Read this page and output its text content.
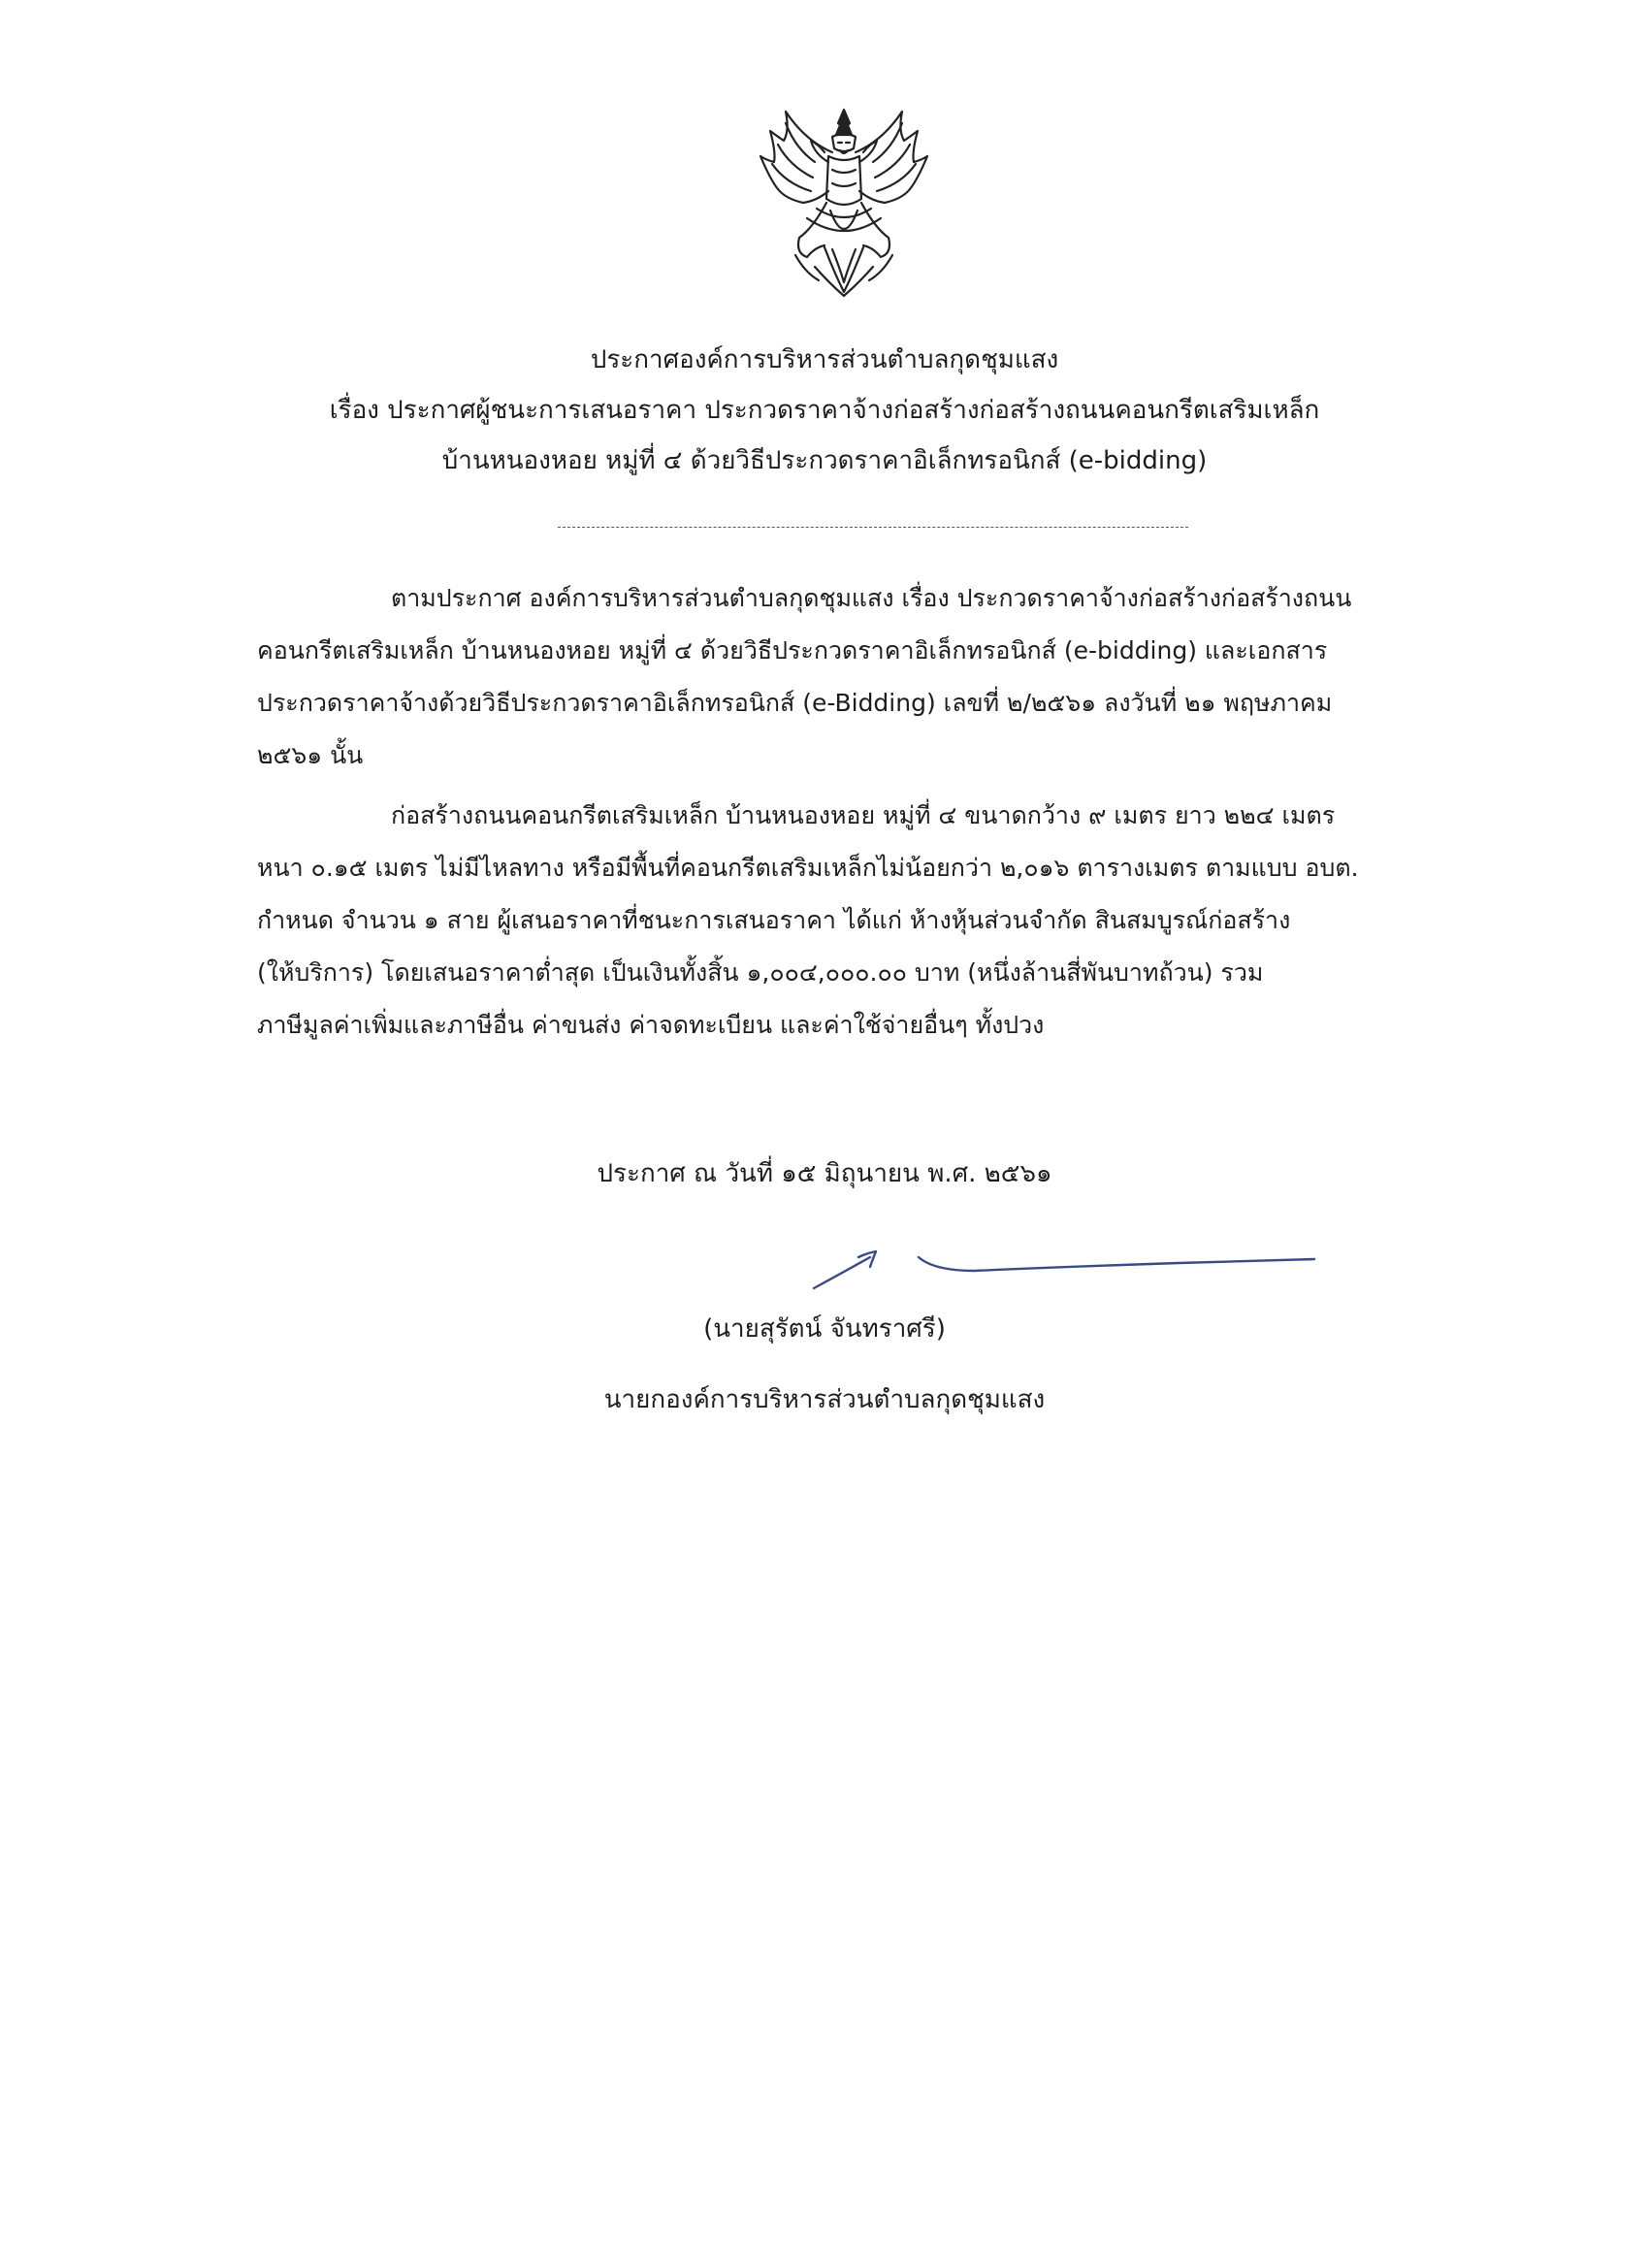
ประกาศองค์การบริหารส่วนตำบลกุดชุมแสง
เรื่อง ประกาศผู้ชนะการเสนอราคา ประกวดราคาจ้างก่อสร้างก่อสร้างถนนคอนกรีตเสริมเหล็ก
บ้านหนองหอย หมู่ที่ ๔ ด้วยวิธีประกวดราคาอิเล็กทรอนิกส์ (e-bidding)

ตามประกาศ องค์การบริหารส่วนตำบลกุดชุมแสง เรื่อง ประกวดราคาจ้างก่อสร้างก่อสร้างถนน
คอนกรีตเสริมเหล็ก บ้านหนองหอย หมู่ที่ ๔ ด้วยวิธีประกวดราคาอิเล็กทรอนิกส์ (e-bidding) และเอกสาร
ประกวดราคาจ้างด้วยวิธีประกวดราคาอิเล็กทรอนิกส์ (e-Bidding) เลขที่ ๒/๒๕๖๑ ลงวันที่ ๒๑ พฤษภาคม
๒๕๖๑ นั้น

ก่อสร้างถนนคอนกรีตเสริมเหล็ก บ้านหนองหอย หมู่ที่ ๔ ขนาดกว้าง ๙ เมตร ยาว ๒๒๔ เมตร
หนา ๐.๑๕ เมตร ไม่มีไหลทาง หรือมีพื้นที่คอนกรีตเสริมเหล็กไม่น้อยกว่า ๒,๐๑๖ ตารางเมตร ตามแบบ อบต.
กำหนด จำนวน ๑ สาย ผู้เสนอราคาที่ชนะการเสนอราคา ได้แก่ ห้างหุ้นส่วนจำกัด สินสมบูรณ์ก่อสร้าง
(ให้บริการ) โดยเสนอราคาต่ำสุด เป็นเงินทั้งสิ้น ๑,๐๐๔,๐๐๐.๐๐ บาท (หนึ่งล้านสี่พันบาทถ้วน) รวม
ภาษีมูลค่าเพิ่มและภาษีอื่น ค่าขนส่ง ค่าจดทะเบียน และค่าใช้จ่ายอื่นๆ ทั้งปวง

ประกาศ ณ วันที่ ๑๕ มิถุนายน พ.ศ. ๒๕๖๑
(นายสุรัตน์ จันทราศรี)
นายกองค์การบริหารส่วนตำบลกุดชุมแสง
